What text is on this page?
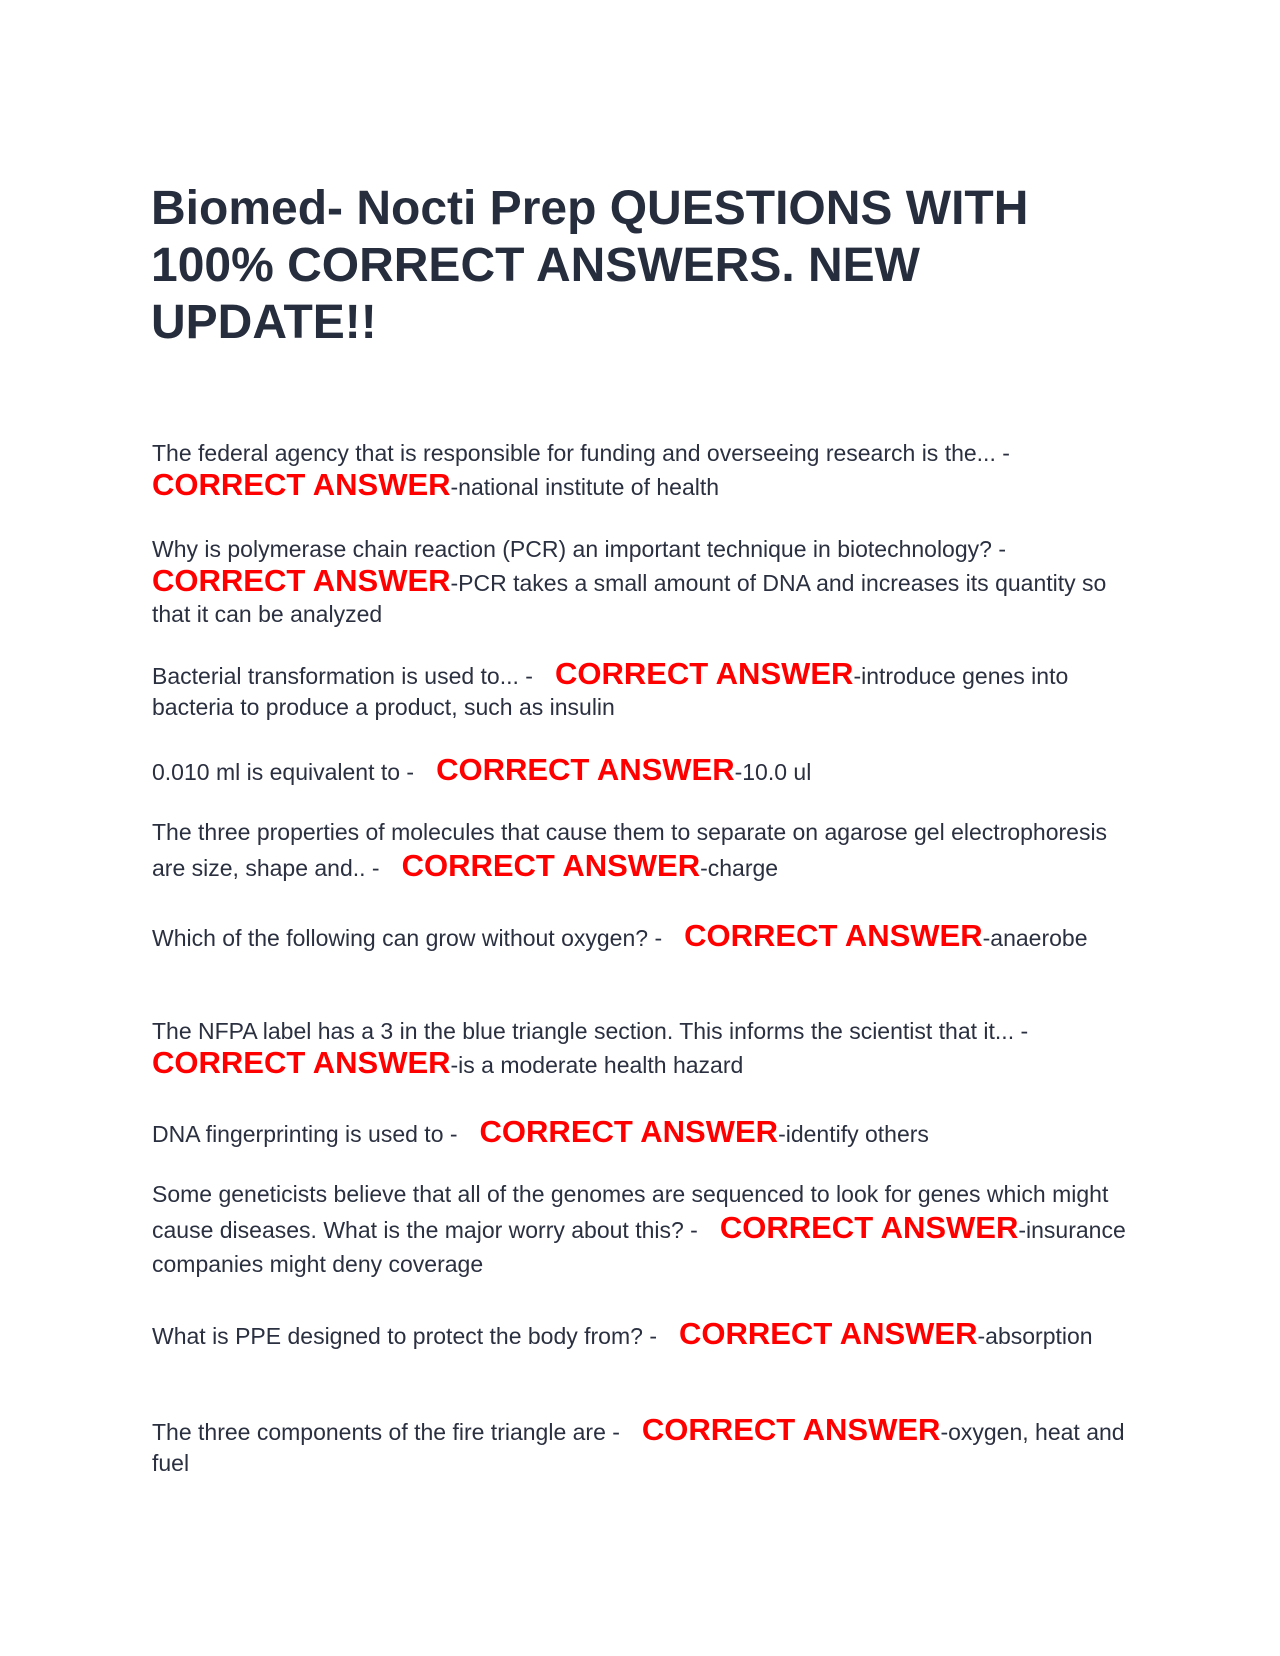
Biomed- Nocti Prep QUESTIONS WITH 100% CORRECT ANSWERS. NEW UPDATE!!

The federal agency that is responsible for funding and overseeing research is the... -
CORRECT ANSWER-national institute of health

Why is polymerase chain reaction (PCR) an important technique in biotechnology? -
CORRECT ANSWER-PCR takes a small amount of DNA and increases its quantity so that it can be analyzed

Bacterial transformation is used to... - CORRECT ANSWER-introduce genes into bacteria to produce a product, such as insulin

0.010 ml is equivalent to - CORRECT ANSWER-10.0 ul

The three properties of molecules that cause them to separate on agarose gel electrophoresis are size, shape and.. - CORRECT ANSWER-charge

Which of the following can grow without oxygen? - CORRECT ANSWER-anaerobe

The NFPA label has a 3 in the blue triangle section. This informs the scientist that it... -
CORRECT ANSWER-is a moderate health hazard

DNA fingerprinting is used to - CORRECT ANSWER-identify others

Some geneticists believe that all of the genomes are sequenced to look for genes which might cause diseases. What is the major worry about this? - CORRECT ANSWER-insurance companies might deny coverage

What is PPE designed to protect the body from? - CORRECT ANSWER-absorption

The three components of the fire triangle are - CORRECT ANSWER-oxygen, heat and fuel
